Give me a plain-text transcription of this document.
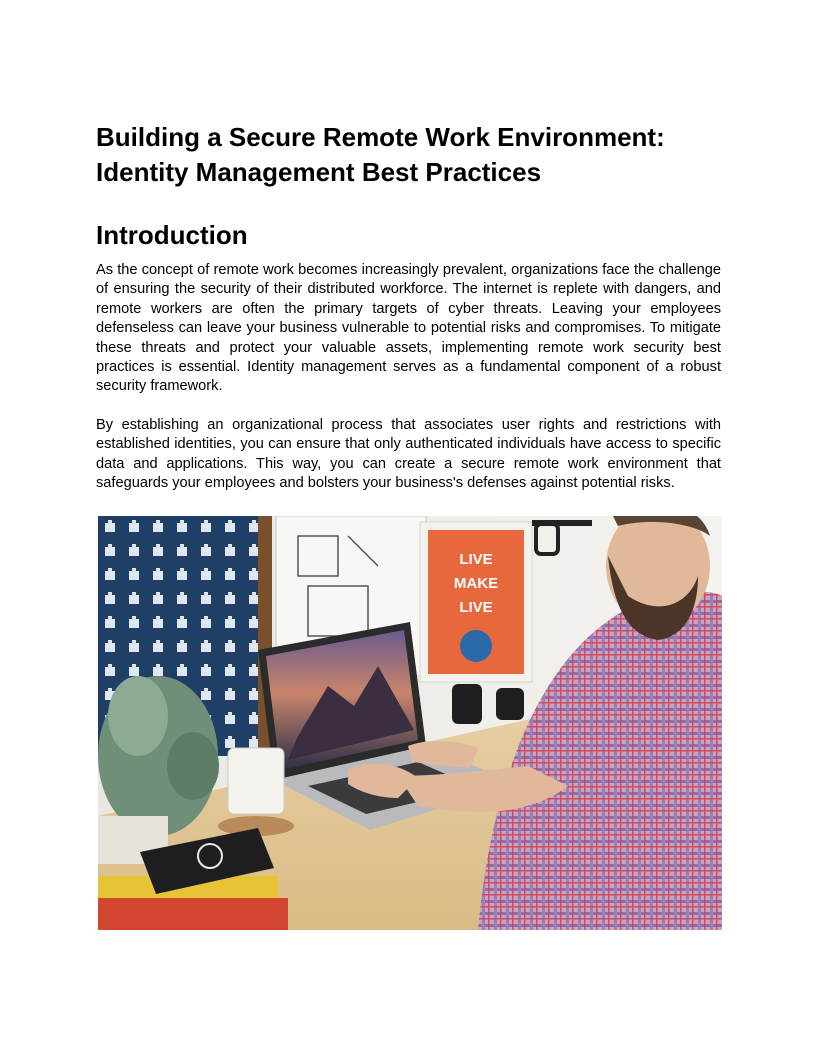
Building a Secure Remote Work Environment: Identity Management Best Practices
Introduction

As the concept of remote work becomes increasingly prevalent, organizations face the challenge of ensuring the security of their distributed workforce. The internet is replete with dangers, and remote workers are often the primary targets of cyber threats. Leaving your employees defenseless can leave your business vulnerable to potential risks and compromises. To mitigate these threats and protect your valuable assets, implementing remote work security best practices is essential. Identity management serves as a fundamental component of a robust security framework.

By establishing an organizational process that associates user rights and restrictions with established identities, you can ensure that only authenticated individuals have access to specific data and applications. This way, you can create a secure remote work environment that safeguards your employees and bolsters your business's defenses against potential risks.

LIVE
MAKE
LIVE
